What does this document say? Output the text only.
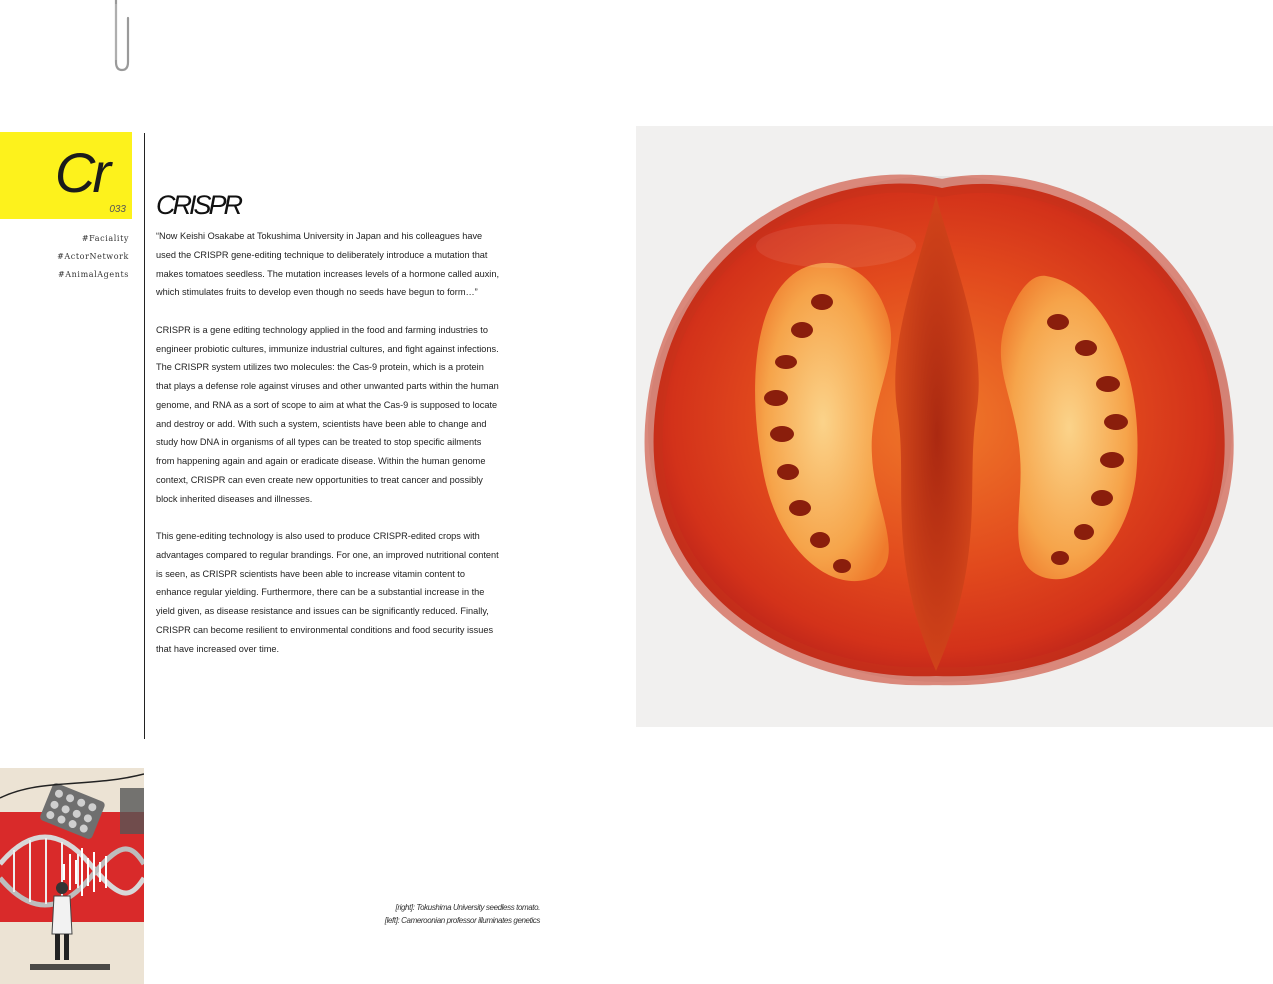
Cr
033
#Faciality
#ActorNetwork
#AnimalAgents
CRISPR

“Now Keishi Osakabe at Tokushima University in Japan and his colleagues have used the CRISPR gene-editing technique to deliberately introduce a mutation that makes tomatoes seedless. The mutation increases levels of a hormone called auxin, which stimulates fruits to develop even though no seeds have begun to form…”

CRISPR is a gene editing technology applied in the food and farming industries to engineer probiotic cultures, immunize industrial cultures, and fight against infections. The CRISPR system utilizes two molecules: the Cas-9 protein, which is a protein that plays a defense role against viruses and other unwanted parts within the human genome, and RNA as a sort of scope to aim at what the Cas-9 is supposed to locate and destroy or add. With such a system, scientists have been able to change and study how DNA in organisms of all types can be treated to stop specific ailments from happening again and again or eradicate disease. Within the human genome context, CRISPR can even create new opportunities to treat cancer and possibly block inherited diseases and illnesses.

This gene-editing technology is also used to produce CRISPR-edited crops with advantages compared to regular brandings. For one, an improved nutritional content is seen, as CRISPR scientists have been able to increase vitamin content to enhance regular yielding. Furthermore, there can be a substantial increase in the yield given, as disease resistance and issues can be significantly reduced. Finally, CRISPR can become resilient to environmental conditions and food security issues that have increased over time.

[right]: Tokushima University seedless tomato.
[left]: Cameroonian professor illuminates genetics
